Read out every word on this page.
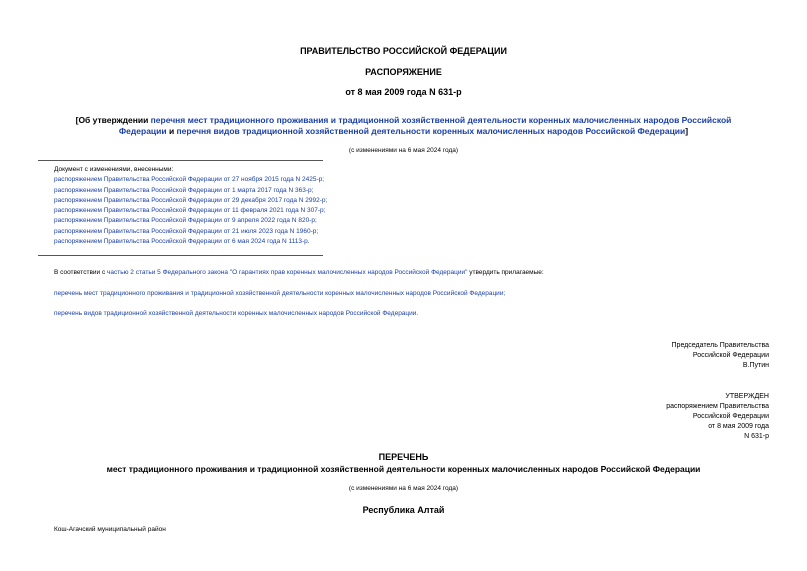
ПРАВИТЕЛЬСТВО РОССИЙСКОЙ ФЕДЕРАЦИИ
РАСПОРЯЖЕНИЕ
от 8 мая 2009 года N 631-р
[Об утверждении перечня мест традиционного проживания и традиционной хозяйственной деятельности коренных малочисленных народов Российской Федерации и перечня видов традиционной хозяйственной деятельности коренных малочисленных народов Российской Федерации]
(с изменениями на 6 мая 2024 года)
Документ с изменениями, внесенными:
распоряжением Правительства Российской Федерации от 27 ноября 2015 года N 2425-р;
распоряжением Правительства Российской Федерации от 1 марта 2017 года N 363-р;
распоряжением Правительства Российской Федерации от 29 декабря 2017 года N 2992-р;
распоряжением Правительства Российской Федерации от 11 февраля 2021 года N 307-р;
распоряжением Правительства Российской Федерации от 9 апреля 2022 года N 820-р;
распоряжением Правительства Российской Федерации от 21 июля 2023 года N 1960-р;
распоряжением Правительства Российской Федерации от 6 мая 2024 года N 1113-р.
В соответствии с частью 2 статьи 5 Федерального закона "О гарантиях прав коренных малочисленных народов Российской Федерации" утвердить прилагаемые:
перечень мест традиционного проживания и традиционной хозяйственной деятельности коренных малочисленных народов Российской Федерации;
перечень видов традиционной хозяйственной деятельности коренных малочисленных народов Российской Федерации.
Председатель Правительства
Российской Федерации
В.Путин
УТВЕРЖДЕН
распоряжением Правительства
Российской Федерации
от 8 мая 2009 года
N 631-р
ПЕРЕЧЕНЬ
мест традиционного проживания и традиционной хозяйственной деятельности коренных малочисленных народов Российской Федерации
(с изменениями на 6 мая 2024 года)
Республика Алтай
Кош-Агачский муниципальный район
